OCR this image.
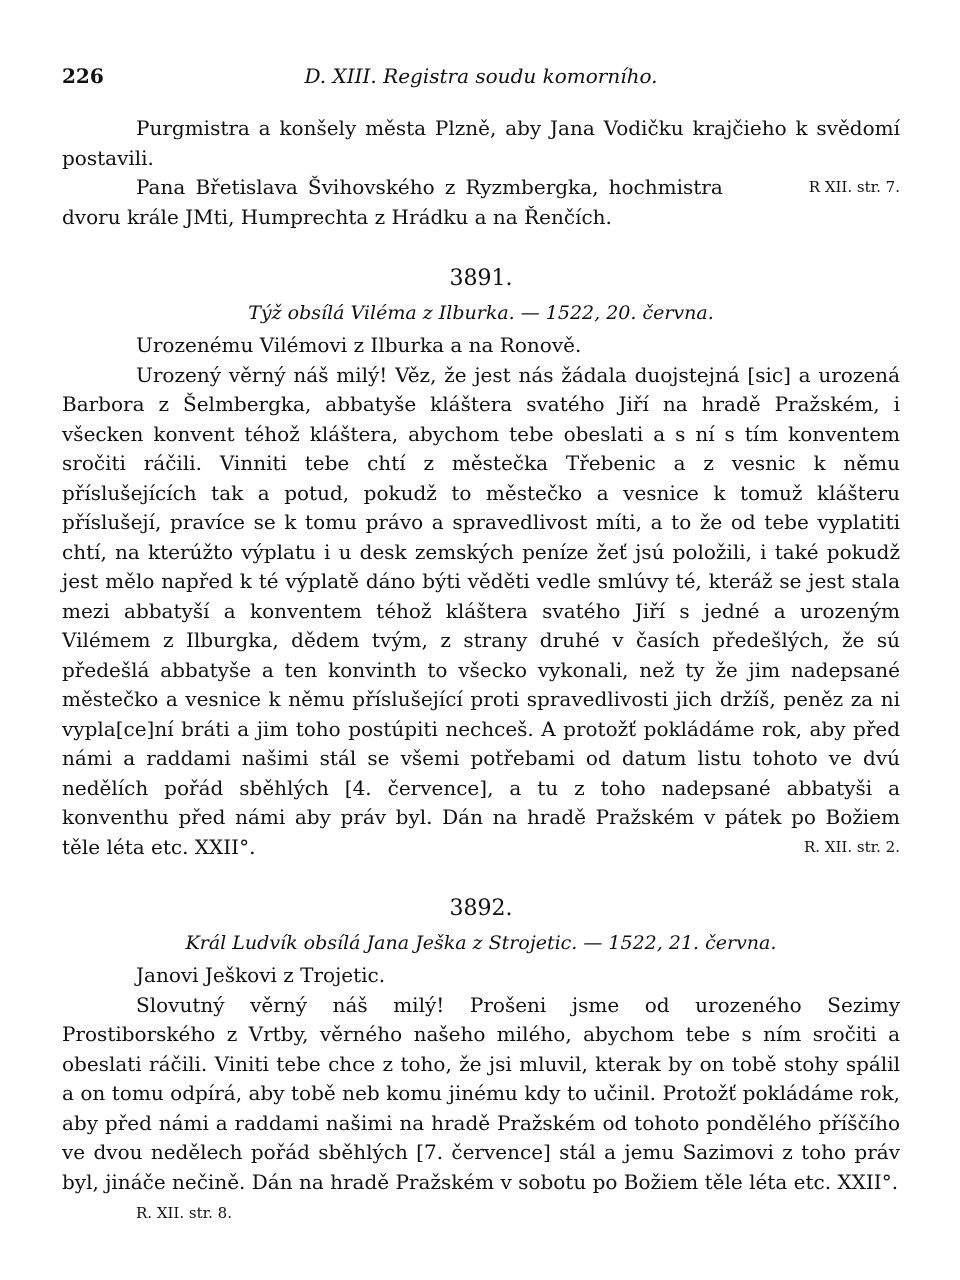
226	D. XIII. Registra soudu komorního.

Purgmistra a konšely města Plzně, aby Jana Vodičku krajčieho k svědomí postavili.

R XII. str. 7.
Pana Břetislava Švihovského z Ryzmbergka, hochmistra dvoru krále JMti, Humprechta z Hrádku a na Řenčích.

3891.
Týž obsílá Viléma z Ilburka. — 1522, 20. června.

Urozenému Vilémovi z Ilburka a na Ronově.

Urozený věrný náš milý! Věz, že jest nás žádala duojstejná [sic] a urozená Barbora z Šelmbergka, abbatyše kláštera svatého Jiří na hradě Pražském, i všecken konvent téhož kláštera, abychom tebe obeslati a s ní s tím konventem sročiti ráčili. Vinniti tebe chtí z městečka Třebenic a z vesnic k němu příslušejících tak a potud, pokudž to městečko a vesnice k tomuž klášteru příslušejí, pravíce se k tomu právo a spravedlivost míti, a to že od tebe vyplatiti chtí, na kterúžto výplatu i u desk zemských peníze žeť jsú položili, i také pokudž jest mělo napřed k té výplatě dáno býti věděti vedle smlúvy té, kteráž se jest stala mezi abbatyší a konventem téhož kláštera svatého Jiří s jedné a urozeným Vilémem z Ilburgka, dědem tvým, z strany druhé v časích předešlých, že sú předešlá abbatyše a ten konvinth to všecko vykonali, než ty že jim nadepsané městečko a vesnice k němu příslušející proti spravedlivosti jich držíš, peněz za ni vypla[ce]ní bráti a jim toho postúpiti nechceš. A protožť pokládáme rok, aby před námi a raddami našimi stál se všemi potřebami od datum listu tohoto ve dvú nedělích pořád sběhlých [4. července], a tu z toho nadepsané abbatyši a konventhu před námi aby práv byl. Dán na hradě Pražském v pátek po Božiem těle léta etc. XXII°.	R. XII. str. 2.

3892.
Král Ludvík obsílá Jana Ješka z Strojetic. — 1522, 21. června.

Janovi Ješkovi z Trojetic.

Slovutný věrný náš milý! Prošeni jsme od urozeného Sezimy Prostiborského z Vrtby, věrného našeho milého, abychom tebe s ním sročiti a obeslati ráčili. Viniti tebe chce z toho, že jsi mluvil, kterak by on tobě stohy spálil a on tomu odpírá, aby tobě neb komu jinému kdy to učinil. Protožť pokládáme rok, aby před námi a raddami našimi na hradě Pražském od tohoto pondělého příščího ve dvou nedělech pořád sběhlých [7. července] stál a jemu Sazimovi z toho práv byl, jináče nečině. Dán na hradě Pražském v sobotu po Božiem těle léta etc. XXII°.

R. XII. str. 8.
